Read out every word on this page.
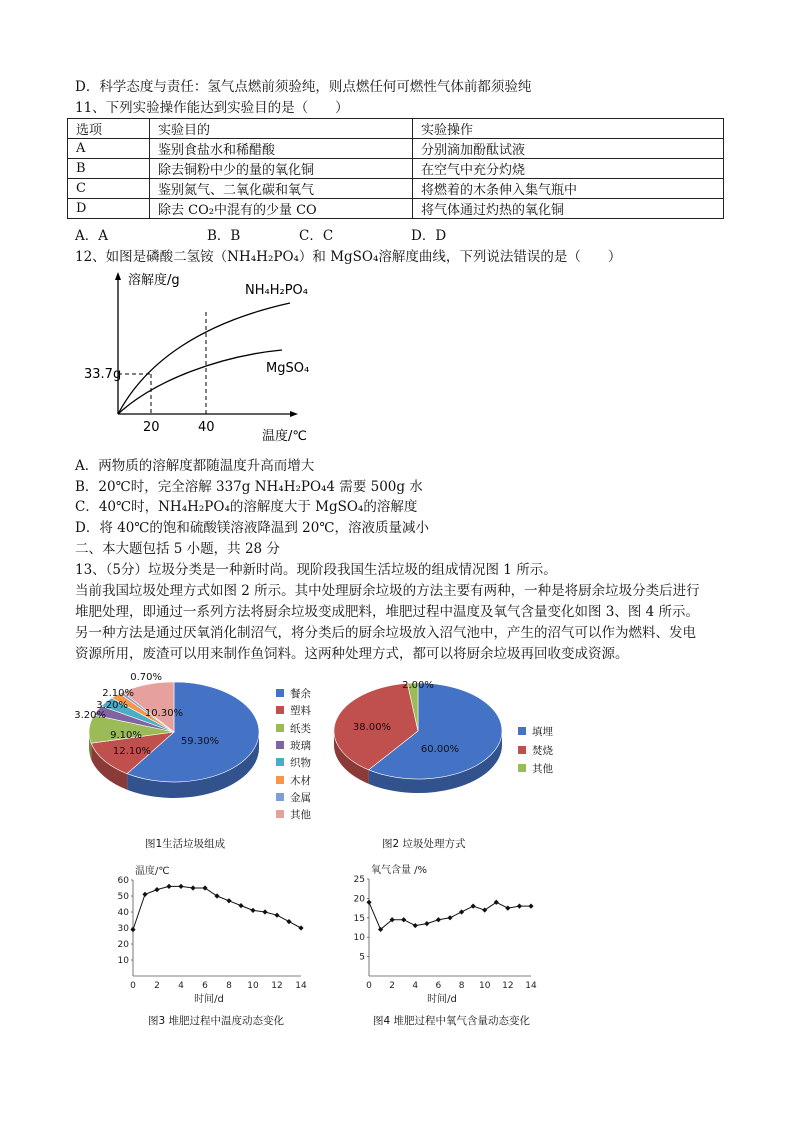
D．科学态度与责任：氢气点燃前须验纯，则点燃任何可燃性气体前都须验纯
11、下列实验操作能达到实验目的是（　　）
选项	实验目的	实验操作
A	鉴别食盐水和稀醋酸	分别滴加酚酞试液
B	除去铜粉中少的量的氧化铜	在空气中充分灼烧
C	鉴别氮气、二氧化碳和氧气	将燃着的木条伸入集气瓶中
D	除去 CO₂中混有的少量 CO	将气体通过灼热的氧化铜
A．A	B．B	C．C	D．D
12、如图是磷酸二氢铵（NH₄H₂PO₄）和 MgSO₄溶解度曲线，下列说法错误的是（　　）
溶解度/g
33.7g
20	40
温度/℃
NH₄H₂PO₄
MgSO₄
A．两物质的溶解度都随温度升高而增大
B．20℃时，完全溶解 337g NH₄H₂PO₄4 需要 500g 水
C．40℃时，NH₄H₂PO₄的溶解度大于 MgSO₄的溶解度
D．将 40℃的饱和硫酸镁溶液降温到 20℃，溶液质量减小
二、本大题包括 5 小题，共 28 分
13、（5分）垃圾分类是一种新时尚。现阶段我国生活垃圾的组成情况图 1 所示。
当前我国垃圾处理方式如图 2 所示。其中处理厨余垃圾的方法主要有两种，一种是将厨余垃圾分类后进行
堆肥处理，即通过一系列方法将厨余垃圾变成肥料，堆肥过程中温度及氧气含量变化如图 3、图 4 所示。
另一种方法是通过厌氧消化制沼气，将分类后的厨余垃圾放入沼气池中，产生的沼气可以作为燃料、发电
资源所用，废渣可以用来制作鱼饲料。这两种处理方式，都可以将厨余垃圾再回收变成资源。
59.30%
12.10%
9.10%
3.20%
3.20%
2.10%
0.70%
10.30%
餐余
塑料
纸类
玻璃
织物
木材
金属
其他
图1生活垃圾组成
60.00%
38.00%
2.00%
填埋
焚烧
其他
图2 垃圾处理方式
10
20
30
40
50
60
0 2 4 6 8 10 12 14
温度/℃
时间/d
图3 堆肥过程中温度动态变化
5
10
15
20
25
0 2 4 6 8 10 12 14
氧气含量 /%
时间/d
图4 堆肥过程中氧气含量动态变化
